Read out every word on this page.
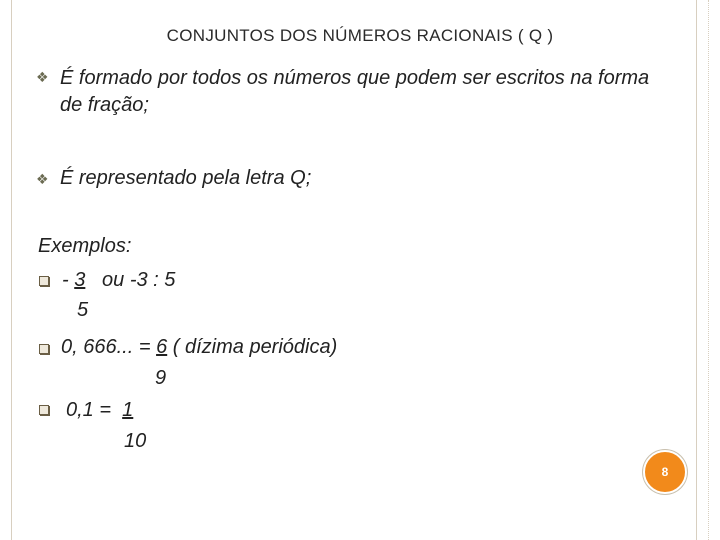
CONJUNTOS DOS NÚMEROS RACIONAIS ( Q )
❖ É formado por todos os números que podem ser escritos na forma de fração;
❖ É representado pela letra Q;
Exemplos:
- 3   ou -3 : 5
5
0, 666... = 6 ( dízima periódica)
9
0,1 =  1
10
8
